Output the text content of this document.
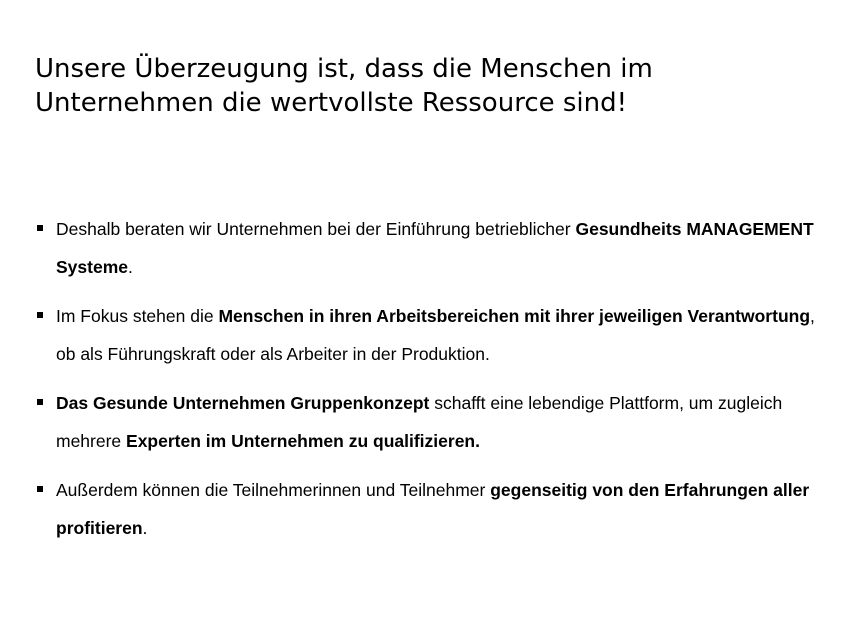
Unsere Überzeugung ist, dass die Menschen im
Unternehmen die wertvollste Ressource sind!
Deshalb beraten wir Unternehmen bei der Einführung betrieblicher Gesundheits MANAGEMENT Systeme.
Im Fokus stehen die Menschen in ihren Arbeitsbereichen mit ihrer jeweiligen Verantwortung, ob als Führungskraft oder als Arbeiter in der Produktion.
Das Gesunde Unternehmen Gruppenkonzept schafft eine lebendige Plattform, um zugleich mehrere Experten im Unternehmen zu qualifizieren.
Außerdem können die Teilnehmerinnen und Teilnehmer gegenseitig von den Erfahrungen aller profitieren.
